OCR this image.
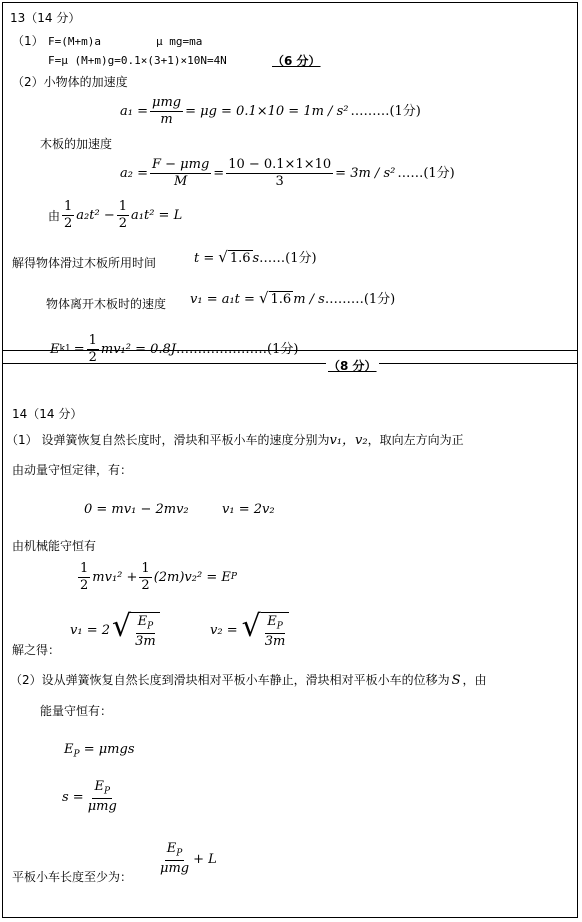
13（14 分）
（1） F=(M+m)a	μ mg=ma
F=μ (M+m)g=0.1×(3+1)×10N=4N	（6 分）
（2）小物体的加速度
$a_1 = \frac{\text{μmg}}{m} = \mu g = 0.1\times 10 = 1m / s^2$ ………(1分)
木板的加速度
$a_2 = \frac{\text{F − μmg}}{M} = \frac{10 - 0.1\times 1\times 10}{3} = 3m / s^2$ ……(1分)
由 $\frac{1}{2} a_2t^2 - \frac{1}{2} a_1t^2 = L$
解得物体滑过木板所用时间	t = √ 1.6 s ……(1分)
物体离开木板时的速度 v₁ = a₁t = √ 1.6 m / s ………(1分)
E $k1 = \frac{1}{2} mv_1^2 = 0.8J$ …………………(1分)
（8 分）
14（14 分）
（1） 设弹簧恢复自然长度时，滑块和平板小车的速度分别为 v₁，v₂ ，取向左方向为正
由动量守恒定律，有：
0 = mv₁ − 2mv₂	v₁ = 2v₂
由机械能守恒有
$\frac{1}{2} mv_1^2 + \frac{1}{2} (2m)v_2^2 = E$ P
解之得：
v₁ = 2 √ $\frac{E_P}{3m}$	v₂ = √ $\frac{E_P}{3m}$
（2）设从弹簧恢复自然长度到滑块相对平板小车静止，滑块相对平板小车的位移为 S ，由
能量守恒有：
$E_P = \mu mgs$
$s = \frac{E_P}{\text{μmg}}$
平板小车长度至少为：
$\frac{E_P}{\text{μmg}} + L$
